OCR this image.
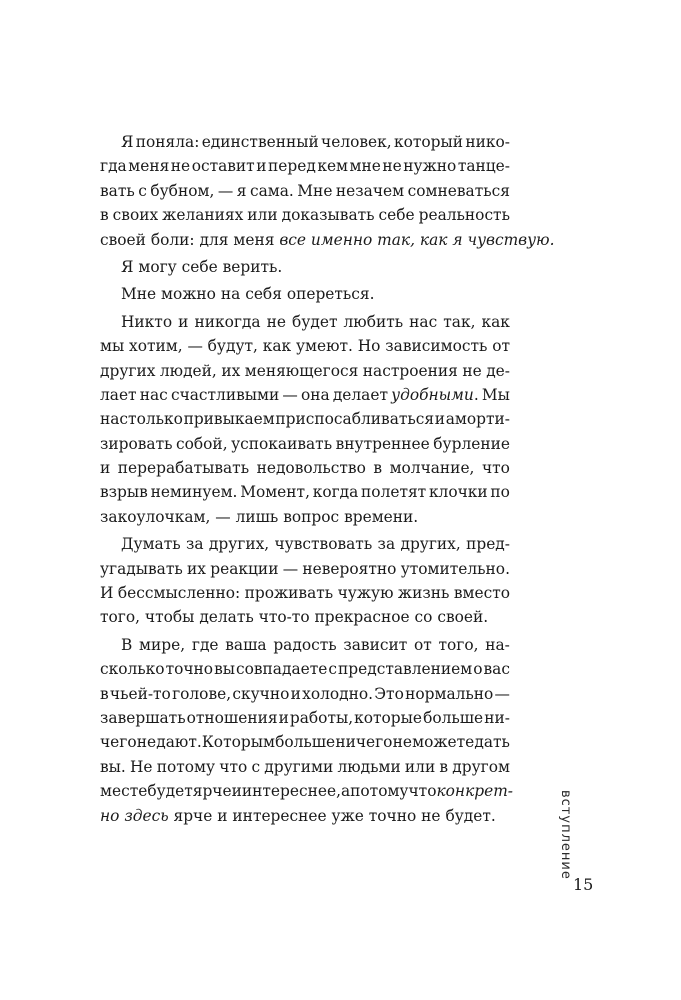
Я поняла: единственный человек, который нико-
гда меня не оставит и перед кем мне не нужно танце-
вать с бубном, — я сама. Мне незачем сомневаться
в своих желаниях или доказывать себе реальность
своей боли: для меня все именно так, как я чувствую.
Я могу себе верить.
Мне можно на себя опереться.
Никто и никогда не будет любить нас так, как
мы хотим, — будут, как умеют. Но зависимость от
других людей, их меняющегося настроения не де-
лает нас счастливыми — она делает удобными. Мы
настолько привыкаем приспосабливаться и аморти-
зировать собой, успокаивать внутреннее бурление
и перерабатывать недовольство в молчание, что
взрыв неминуем. Момент, когда полетят клочки по
закоулочкам, — лишь вопрос времени.
Думать за других, чувствовать за других, пред-
угадывать их реакции — невероятно утомительно.
И бессмысленно: проживать чужую жизнь вместо
того, чтобы делать что-то прекрасное со своей.
В мире, где ваша радость зависит от того, на-
сколько точно вы совпадаете с представлением о вас
в чьей-то голове, скучно и холодно. Это нормально —
завершать отношения и работы, которые больше ни-
чего не дают. Которым больше ничего не можете дать
вы. Не потому что с другими людьми или в другом
месте будет ярче и интереснее, а потому что конкрет-
но здесь ярче и интереснее уже точно не будет.	вступление
15
